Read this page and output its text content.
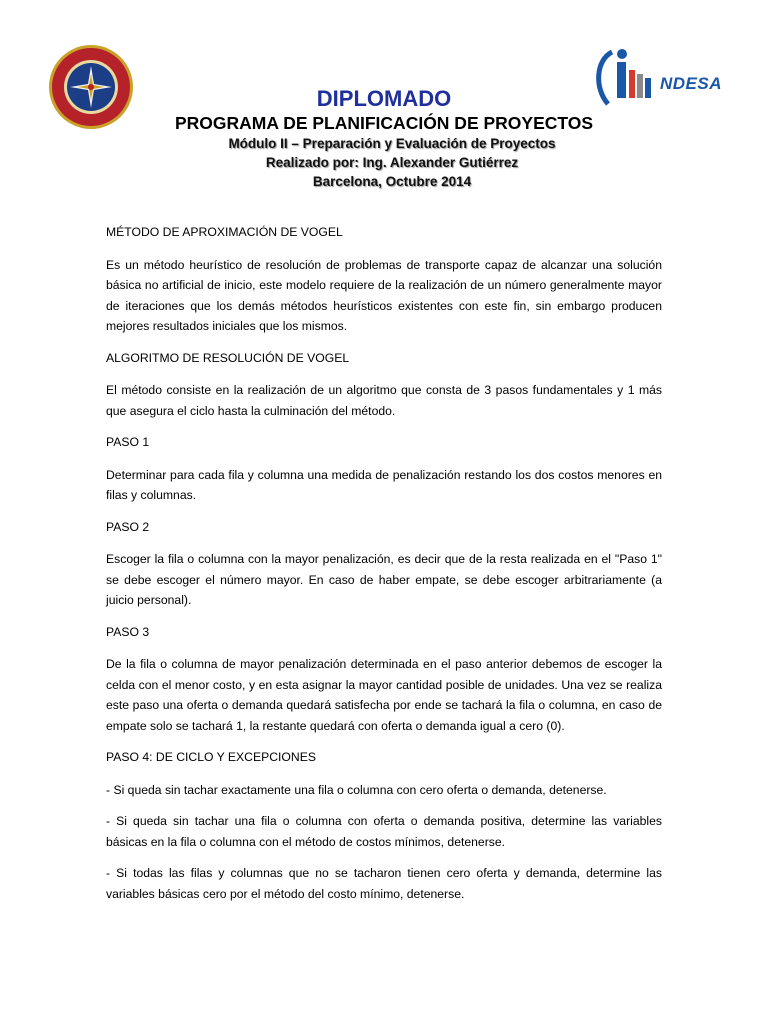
NDESA
DIPLOMADO
PROGRAMA DE PLANIFICACIÓN DE PROYECTOS
Módulo II – Preparación y Evaluación de Proyectos
Realizado por: Ing. Alexander Gutiérrez
Barcelona, Octubre 2014

MÉTODO DE APROXIMACIÓN DE VOGEL

Es un método heurístico de resolución de problemas de transporte capaz de alcanzar una solución básica no artificial de inicio, este modelo requiere de la realización de un número generalmente mayor de iteraciones que los demás métodos heurísticos existentes con este fin, sin embargo producen mejores resultados iniciales que los mismos.

ALGORITMO DE RESOLUCIÓN DE VOGEL

El método consiste en la realización de un algoritmo que consta de 3 pasos fundamentales y 1 más que asegura el ciclo hasta la culminación del método.

PASO 1

Determinar para cada fila y columna una medida de penalización restando los dos costos menores en filas y columnas.

PASO 2

Escoger la fila o columna con la mayor penalización, es decir que de la resta realizada en el "Paso 1" se debe escoger el número mayor. En caso de haber empate, se debe escoger arbitrariamente (a juicio personal).

PASO 3

De la fila o columna de mayor penalización determinada en el paso anterior debemos de escoger la celda con el menor costo, y en esta asignar la mayor cantidad posible de unidades. Una vez se realiza este paso una oferta o demanda quedará satisfecha por ende se tachará la fila o columna, en caso de empate solo se tachará 1, la restante quedará con oferta o demanda igual a cero (0).

PASO 4: DE CICLO Y EXCEPCIONES

- Si queda sin tachar exactamente una fila o columna con cero oferta o demanda, detenerse.

- Si queda sin tachar una fila o columna con oferta o demanda positiva, determine las variables básicas en la fila o columna con el método de costos mínimos, detenerse.

- Si todas las filas y columnas que no se tacharon tienen cero oferta y demanda, determine las variables básicas cero por el método del costo mínimo, detenerse.
